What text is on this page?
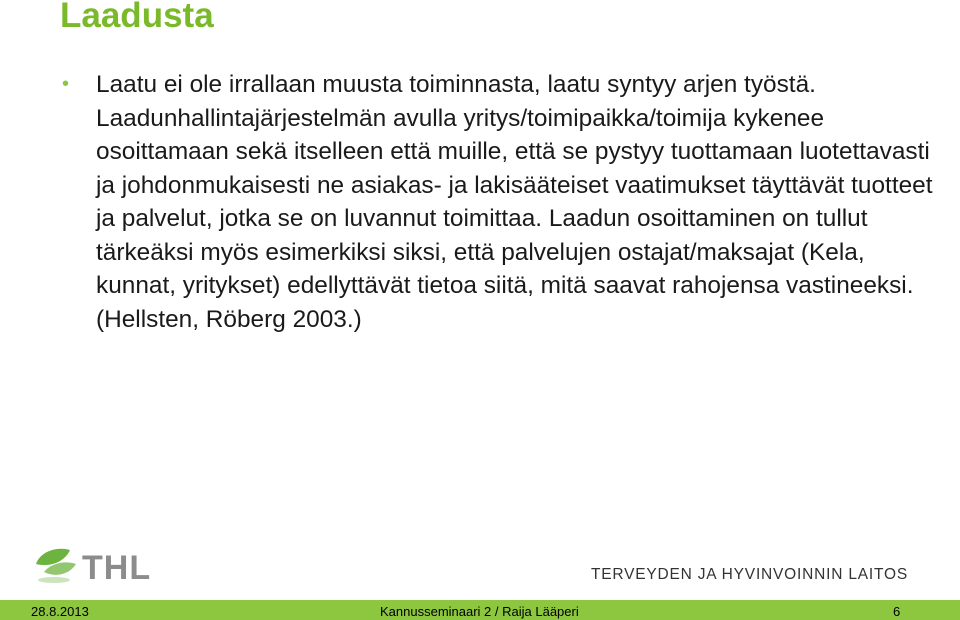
Laadusta
• Laatu ei ole irrallaan muusta toiminnasta, laatu syntyy arjen työstä. Laadunhallintajärjestelmän avulla yritys/toimipaikka/toimija kykenee osoittamaan sekä itselleen että muille, että se pystyy tuottamaan luotettavasti ja johdonmukaisesti ne asiakas- ja lakisääteiset vaatimukset täyttävät tuotteet ja palvelut, jotka se on luvannut toimittaa. Laadun osoittaminen on tullut tärkeäksi myös esimerkiksi siksi, että palvelujen ostajat/maksajat (Kela, kunnat, yritykset) edellyttävät tietoa siitä, mitä saavat rahojensa vastineeksi.(Hellsten, Röberg 2003.)
THL	TERVEYDEN JA HYVINVOINNIN LAITOS
28.8.2013	Kannusseminaari 2 / Raija Lääperi	6
